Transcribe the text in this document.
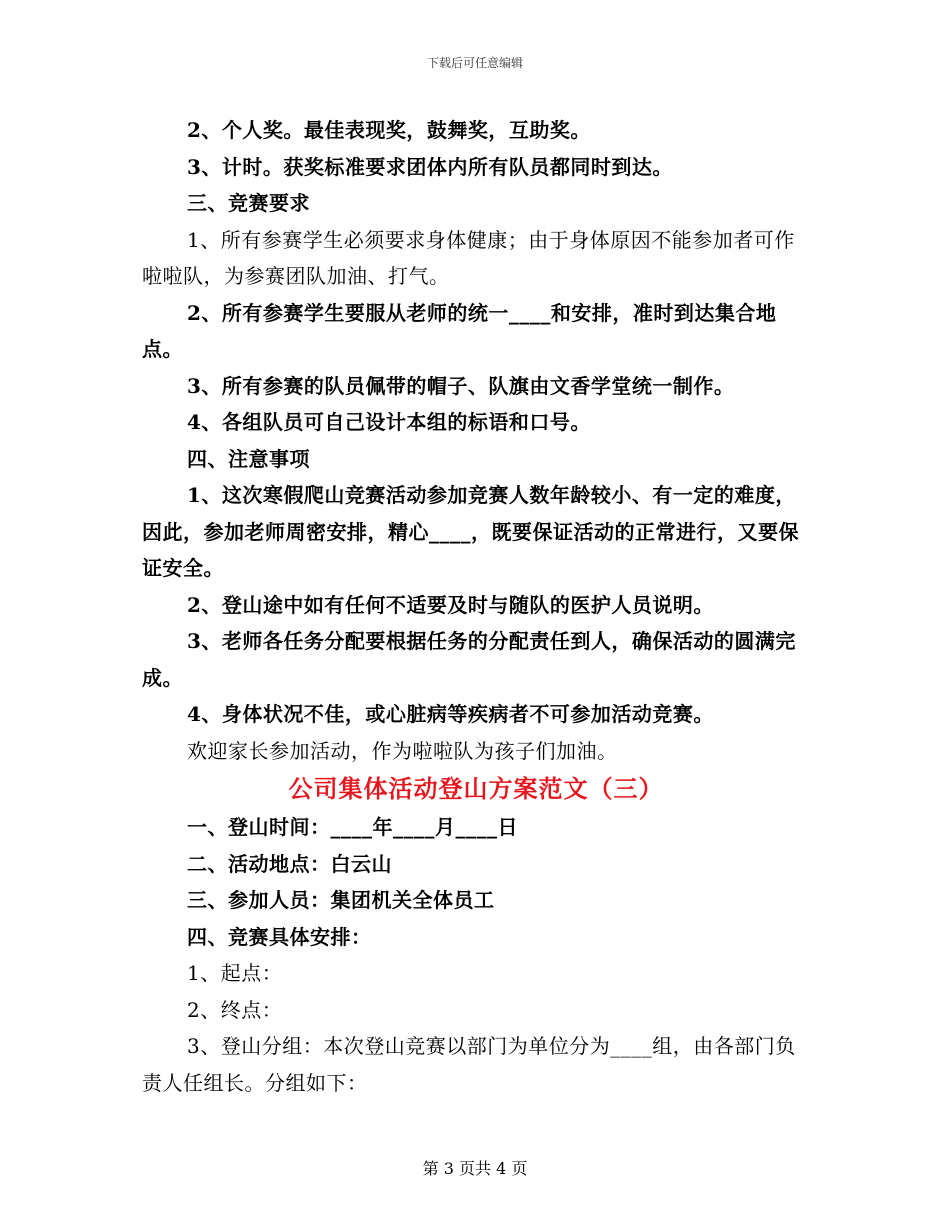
下载后可任意编辑

2、个人奖。最佳表现奖，鼓舞奖，互助奖。

3、计时。获奖标准要求团体内所有队员都同时到达。

三、竞赛要求

1、所有参赛学生必须要求身体健康；由于身体原因不能参加者可作啦啦队，为参赛团队加油、打气。

2、所有参赛学生要服从老师的统一____和安排，准时到达集合地点。

3、所有参赛的队员佩带的帽子、队旗由文香学堂统一制作。

4、各组队员可自己设计本组的标语和口号。

四、注意事项

1、这次寒假爬山竞赛活动参加竞赛人数年龄较小、有一定的难度，因此，参加老师周密安排，精心____，既要保证活动的正常进行，又要保证安全。

2、登山途中如有任何不适要及时与随队的医护人员说明。

3、老师各任务分配要根据任务的分配责任到人，确保活动的圆满完成。

4、身体状况不佳，或心脏病等疾病者不可参加活动竞赛。

欢迎家长参加活动，作为啦啦队为孩子们加油。

公司集体活动登山方案范文（三）

一、登山时间：____年____月____日

二、活动地点：白云山

三、参加人员：集团机关全体员工

四、竞赛具体安排：

1、起点：

2、终点：

3、登山分组：本次登山竞赛以部门为单位分为____组，由各部门负责人任组长。分组如下：

第 3 页共 4 页
